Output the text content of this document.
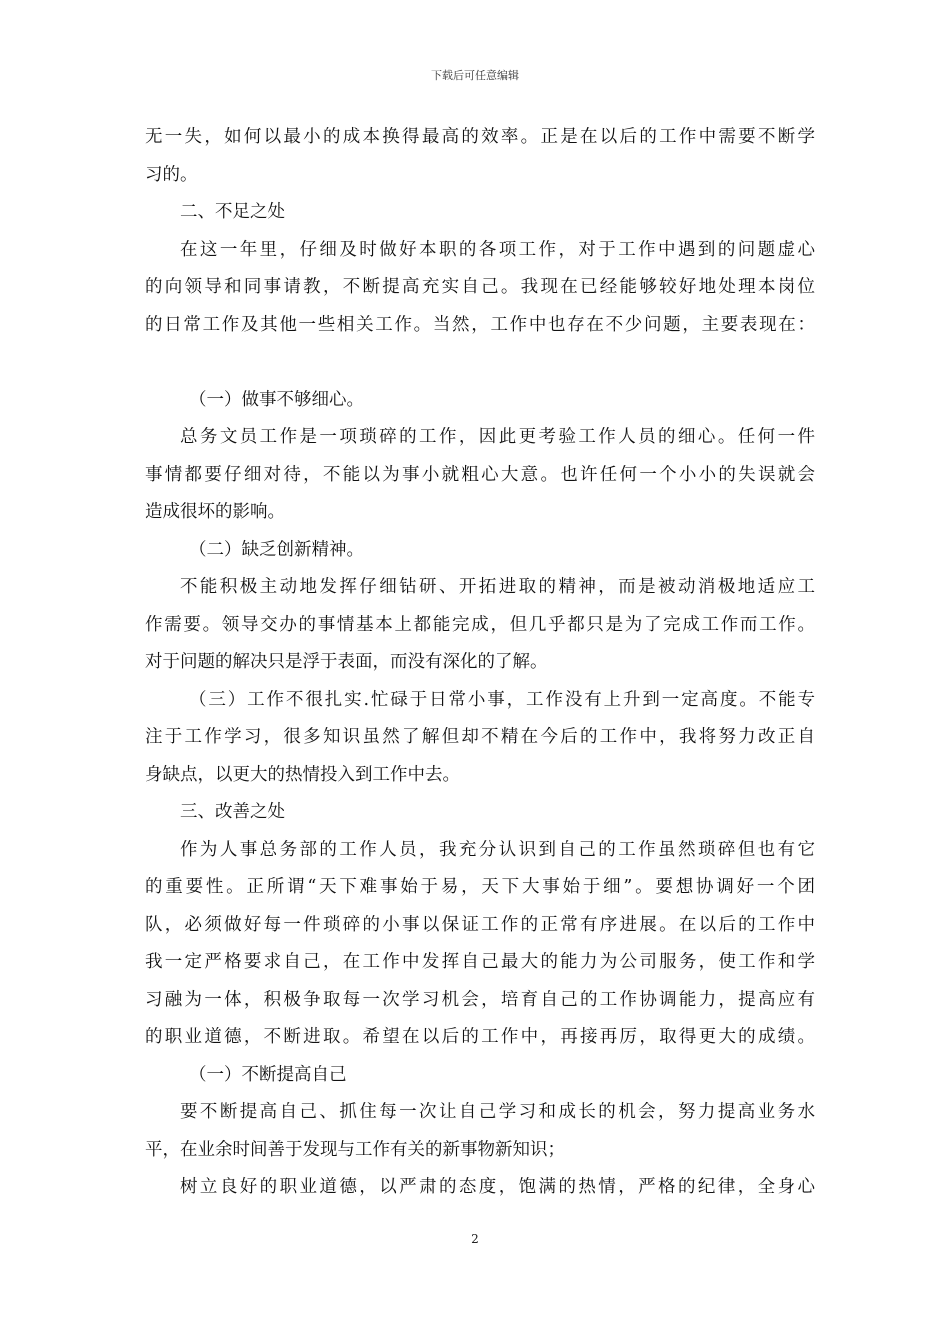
下载后可任意编辑
无一失，如何以最小的成本换得最高的效率。正是在以后的工作中需要不断学
习的。
二、不足之处
在这一年里，仔细及时做好本职的各项工作，对于工作中遇到的问题虚心
的向领导和同事请教，不断提高充实自己。我现在已经能够较好地处理本岗位
的日常工作及其他一些相关工作。当然，工作中也存在不少问题，主要表现在：
（一）做事不够细心。
总务文员工作是一项琐碎的工作，因此更考验工作人员的细心。任何一件
事情都要仔细对待，不能以为事小就粗心大意。也许任何一个小小的失误就会
造成很坏的影响。
（二）缺乏创新精神。
不能积极主动地发挥仔细钻研、开拓进取的精神，而是被动消极地适应工
作需要。领导交办的事情基本上都能完成，但几乎都只是为了完成工作而工作。
对于问题的解决只是浮于表面，而没有深化的了解。
（三）工作不很扎实.忙碌于日常小事，工作没有上升到一定高度。不能专
注于工作学习，很多知识虽然了解但却不精在今后的工作中，我将努力改正自
身缺点，以更大的热情投入到工作中去。
三、改善之处
作为人事总务部的工作人员，我充分认识到自己的工作虽然琐碎但也有它
的重要性。正所谓“天下难事始于易，天下大事始于细”。要想协调好一个团
队，必须做好每一件琐碎的小事以保证工作的正常有序进展。在以后的工作中
我一定严格要求自己，在工作中发挥自己最大的能力为公司服务，使工作和学
习融为一体，积极争取每一次学习机会，培育自己的工作协调能力，提高应有
的职业道德，不断进取。希望在以后的工作中，再接再厉，取得更大的成绩。
（一）不断提高自己
要不断提高自己、抓住每一次让自己学习和成长的机会，努力提高业务水
平，在业余时间善于发现与工作有关的新事物新知识；
树立良好的职业道德，以严肃的态度，饱满的热情，严格的纪律，全身心
2
